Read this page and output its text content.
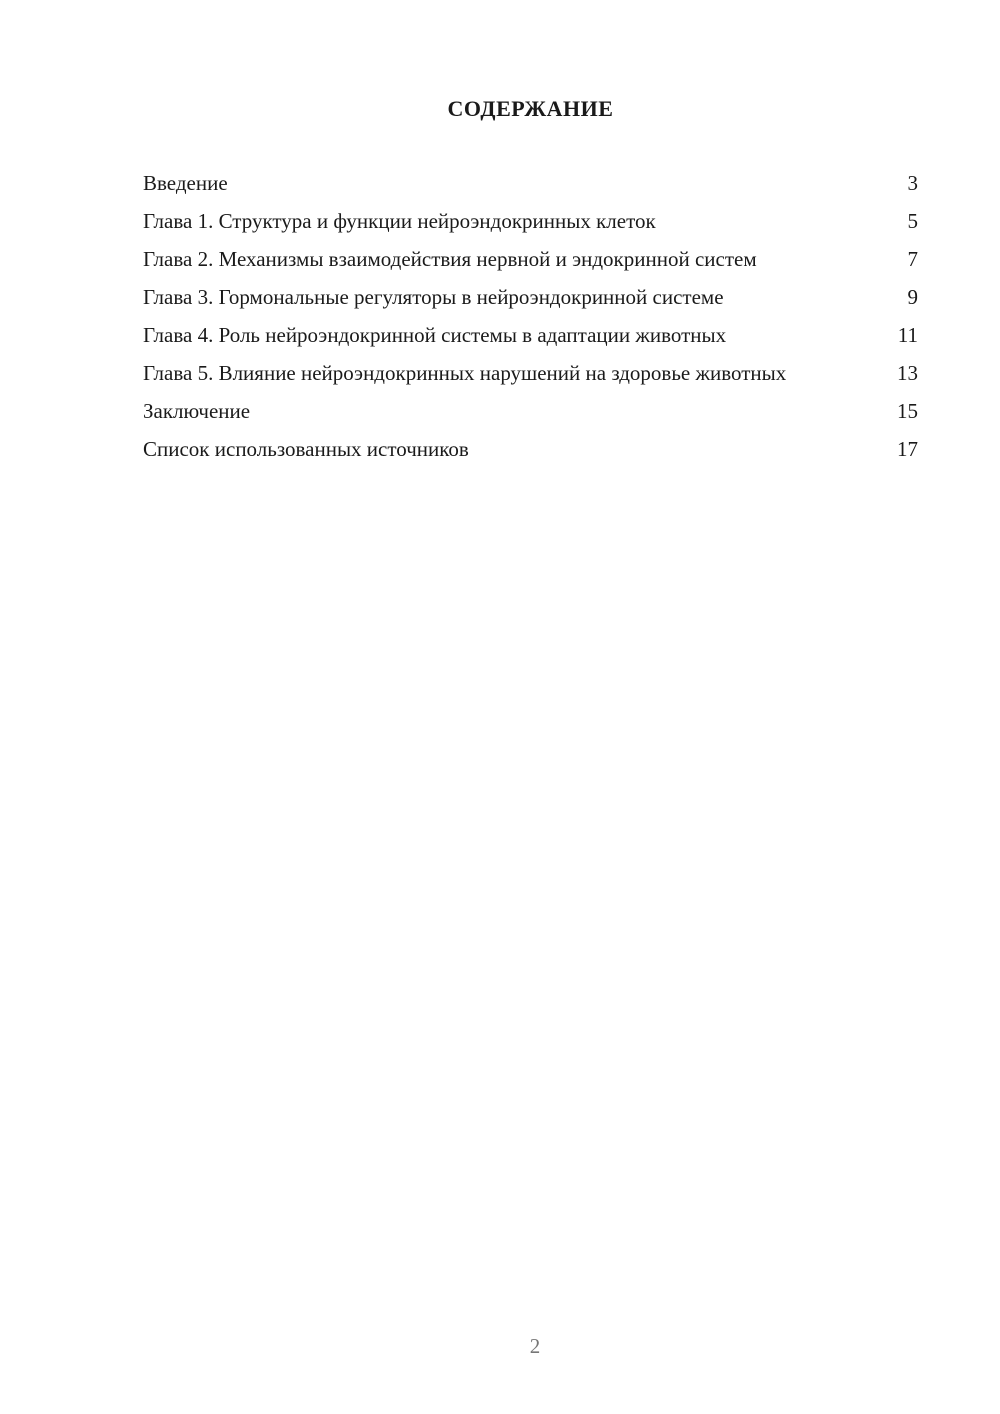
СОДЕРЖАНИЕ
Введение	3
Глава 1. Структура и функции нейроэндокринных клеток	5
Глава 2. Механизмы взаимодействия нервной и эндокринной систем	7
Глава 3. Гормональные регуляторы в нейроэндокринной системе	9
Глава 4. Роль нейроэндокринной системы в адаптации животных	11
Глава 5. Влияние нейроэндокринных нарушений на здоровье животных	13
Заключение	15
Список использованных источников	17
2
